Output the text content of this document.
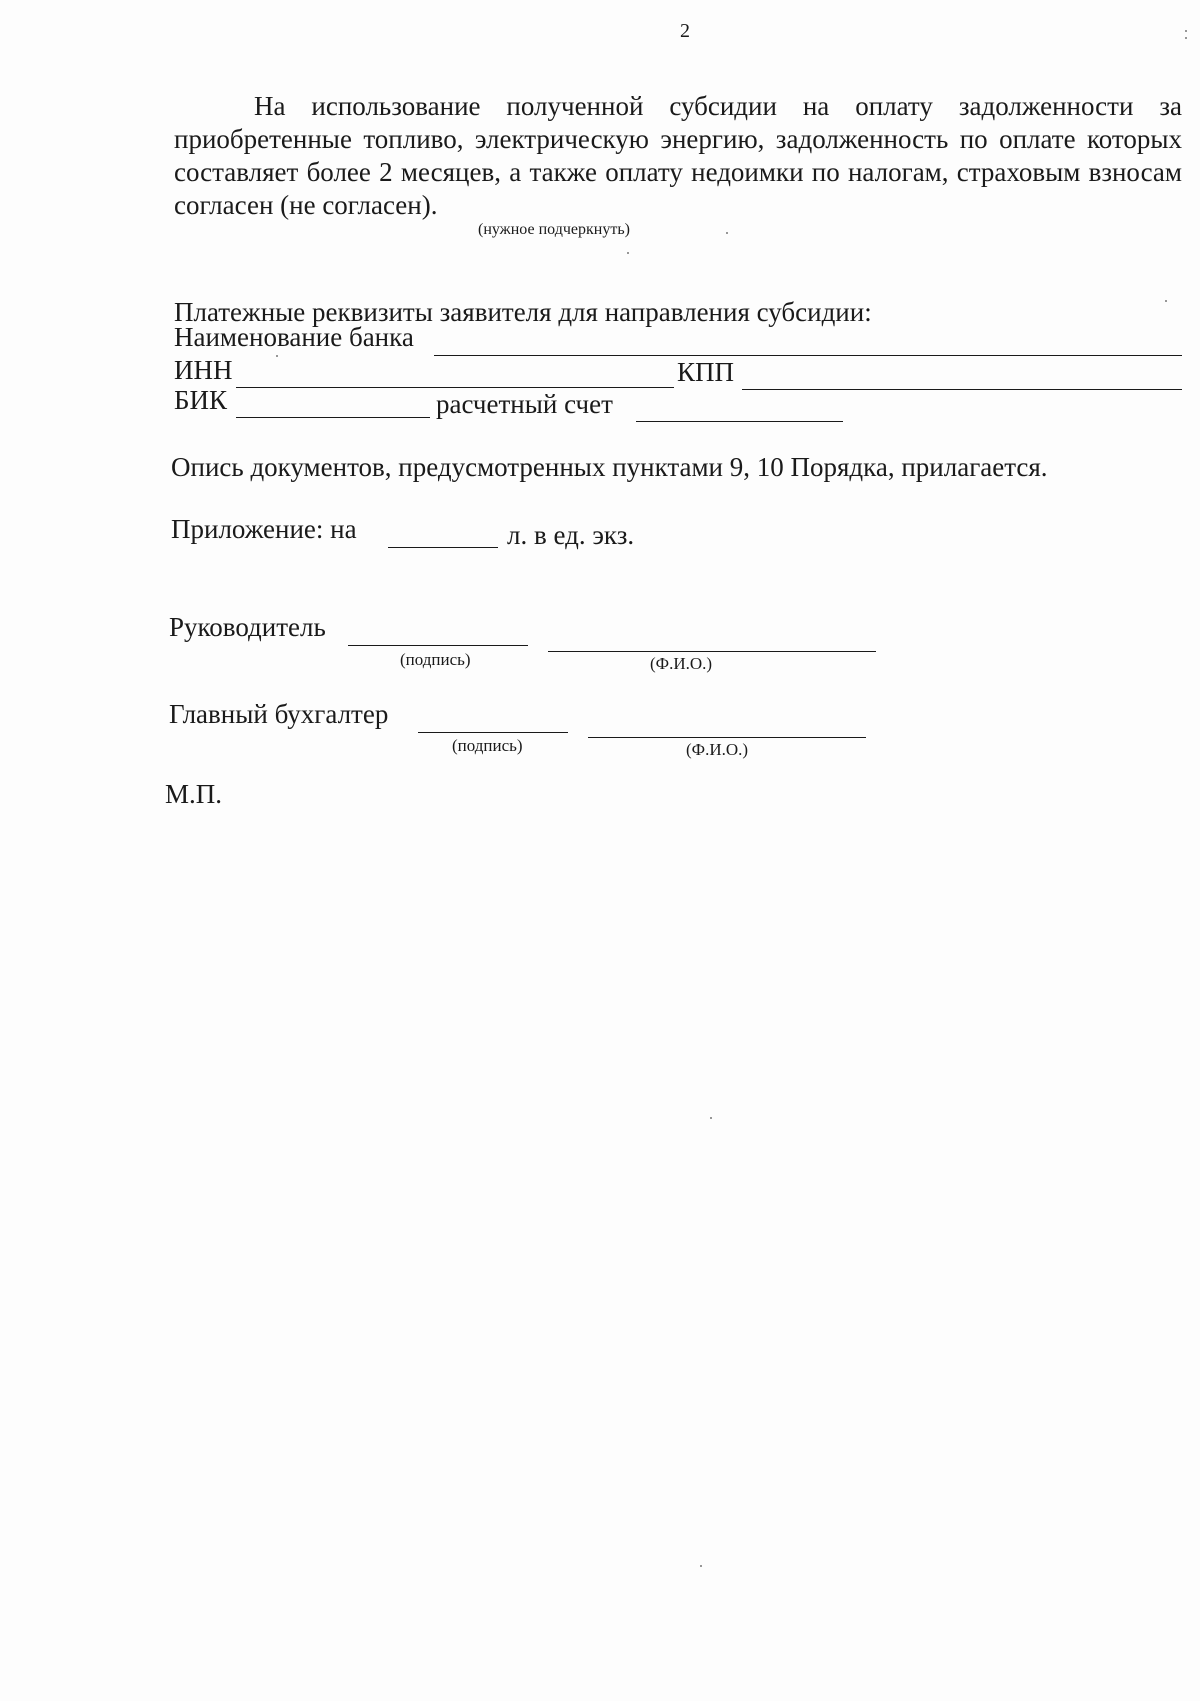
2
На использование полученной субсидии на оплату задолженности за приобретенные топливо, электрическую энергию, задолженность по оплате которых составляет более 2 месяцев, а также оплату недоимки по налогам, страховым взносам согласен (не согласен).
(нужное подчеркнуть)
Платежные реквизиты заявителя для направления субсидии:
Наименование банка
ИНН	КПП
БИК	расчетный счет
Опись документов, предусмотренных пунктами 9, 10 Порядка, прилагается.
Приложение: на	л. в ед. экз.
Руководитель
(подпись)	(Ф.И.О.)
Главный бухгалтер
(подпись)	(Ф.И.О.)
М.П.
